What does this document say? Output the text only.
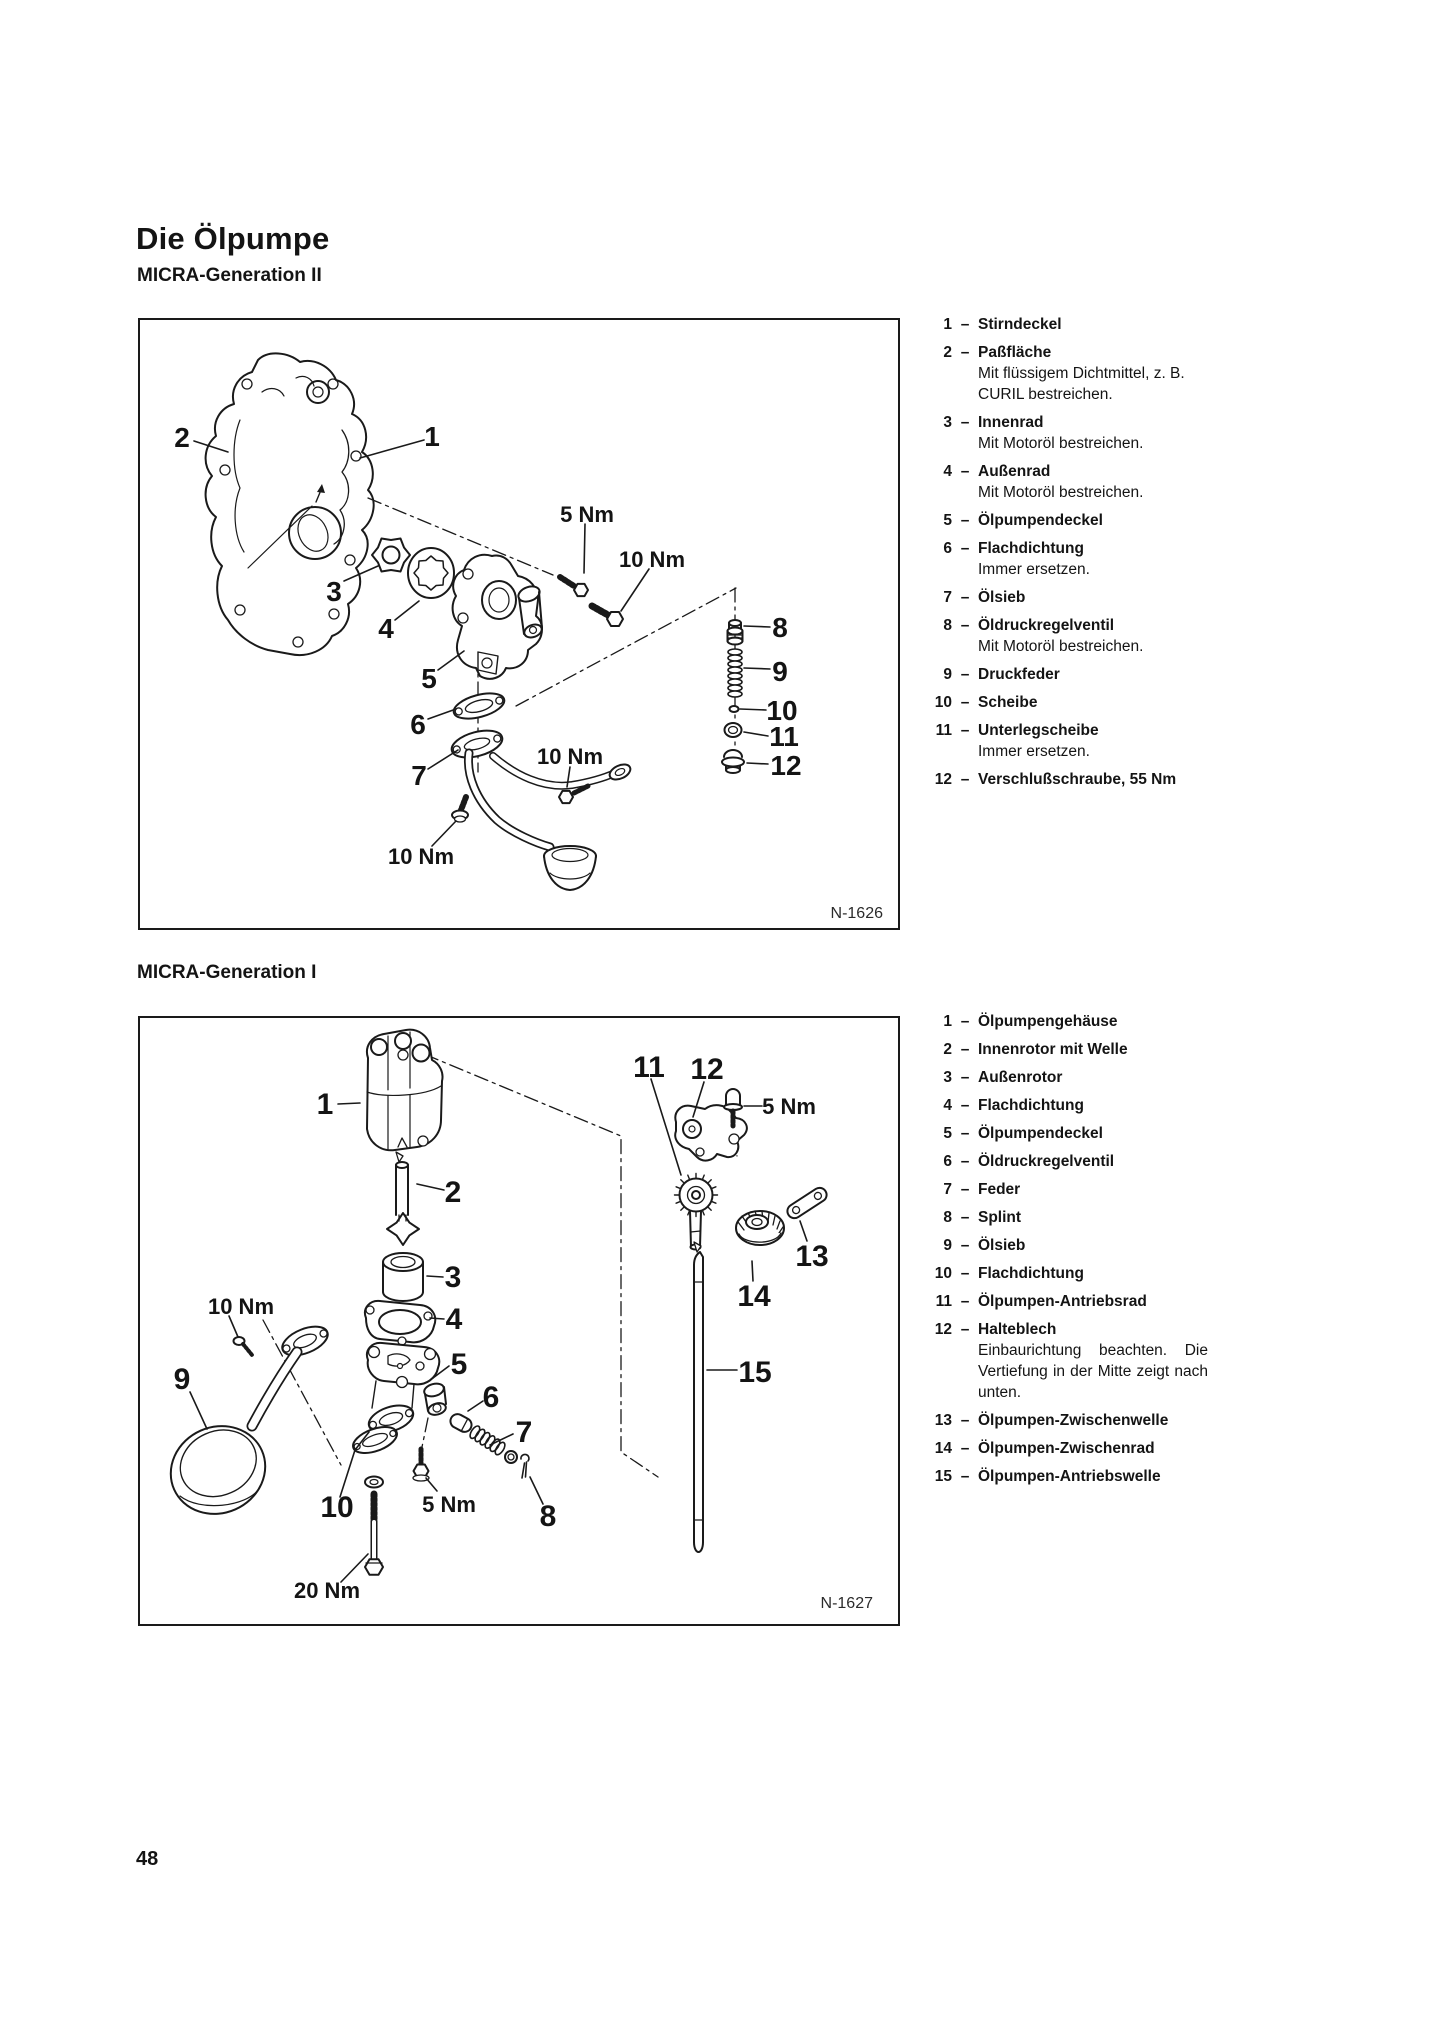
Die Ölpumpe
MICRA-Generation II
1
2
3
4
5
6
7
8
9
10
11
12
5 Nm
10 Nm
10 Nm
10 Nm
N-1626
1 – Stirndeckel
2 – Paßfläche
Mit flüssigem Dichtmittel, z. B. CURIL bestreichen.
3 – Innenrad
Mit Motoröl bestreichen.
4 – Außenrad
Mit Motoröl bestreichen.
5 – Ölpumpendeckel
6 – Flachdichtung
Immer ersetzen.
7 – Ölsieb
8 – Öldruckregelventil
Mit Motoröl bestreichen.
9 – Druckfeder
10 – Scheibe
11 – Unterlegscheibe
Immer ersetzen.
12 – Verschlußschraube, 55 Nm
MICRA-Generation I
1
2
3
4
5
6
7
8
9
10
11 12
13
14
15
10 Nm
5 Nm
5 Nm
20 Nm
N-1627
1 – Ölpumpengehäuse
2 – Innenrotor mit Welle
3 – Außenrotor
4 – Flachdichtung
5 – Ölpumpendeckel
6 – Öldruckregelventil
7 – Feder
8 – Splint
9 – Ölsieb
10 – Flachdichtung
11 – Ölpumpen-Antriebsrad
12 – Halteblech
Einbaurichtung beachten. Die Vertiefung in der Mitte zeigt nach unten.
13 – Ölpumpen-Zwischenwelle
14 – Ölpumpen-Zwischenrad
15 – Ölpumpen-Antriebswelle
48
